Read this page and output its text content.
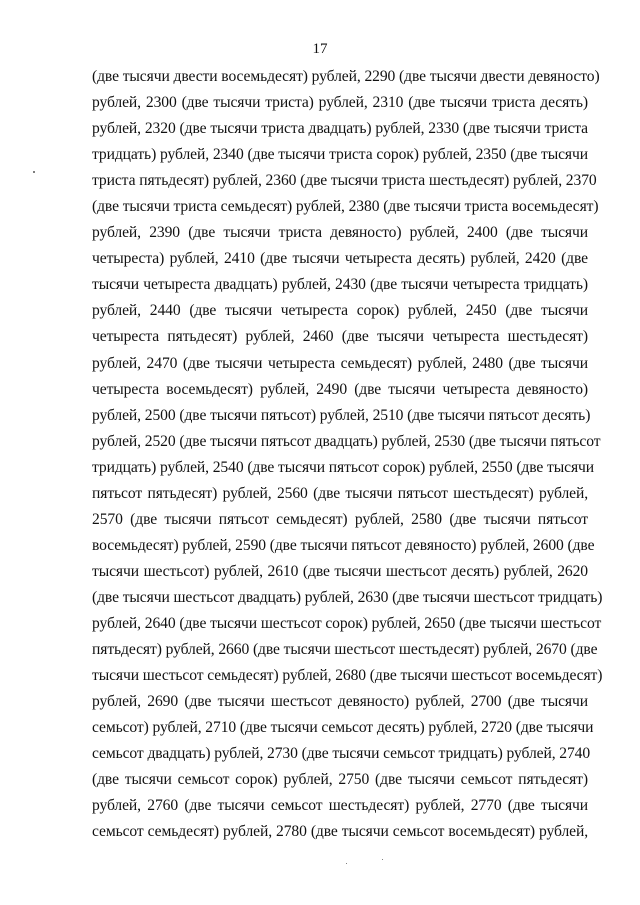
17
(две тысячи двести восемьдесят) рублей, 2290 (две тысячи двести девяносто)
рублей, 2300 (две тысячи триста) рублей, 2310 (две тысячи триста десять)
рублей, 2320 (две тысячи триста двадцать) рублей, 2330 (две тысячи триста
тридцать) рублей, 2340 (две тысячи триста сорок) рублей, 2350 (две тысячи
триста пятьдесят) рублей, 2360 (две тысячи триста шестьдесят) рублей, 2370
(две тысячи триста семьдесят) рублей, 2380 (две тысячи триста восемьдесят)
рублей, 2390 (две тысячи триста девяносто) рублей, 2400 (две тысячи
четыреста) рублей, 2410 (две тысячи четыреста десять) рублей, 2420 (две
тысячи четыреста двадцать) рублей, 2430 (две тысячи четыреста тридцать)
рублей, 2440 (две тысячи четыреста сорок) рублей, 2450 (две тысячи
четыреста пятьдесят) рублей, 2460 (две тысячи четыреста шестьдесят)
рублей, 2470 (две тысячи четыреста семьдесят) рублей, 2480 (две тысячи
четыреста восемьдесят) рублей, 2490 (две тысячи четыреста девяносто)
рублей, 2500 (две тысячи пятьсот) рублей, 2510 (две тысячи пятьсот десять)
рублей, 2520 (две тысячи пятьсот двадцать) рублей, 2530 (две тысячи пятьсот
тридцать) рублей, 2540 (две тысячи пятьсот сорок) рублей, 2550 (две тысячи
пятьсот пятьдесят) рублей, 2560 (две тысячи пятьсот шестьдесят) рублей,
2570 (две тысячи пятьсот семьдесят) рублей, 2580 (две тысячи пятьсот
восемьдесят) рублей, 2590 (две тысячи пятьсот девяносто) рублей, 2600 (две
тысячи шестьсот) рублей, 2610 (две тысячи шестьсот десять) рублей, 2620
(две тысячи шестьсот двадцать) рублей, 2630 (две тысячи шестьсот тридцать)
рублей, 2640 (две тысячи шестьсот сорок) рублей, 2650 (две тысячи шестьсот
пятьдесят) рублей, 2660 (две тысячи шестьсот шестьдесят) рублей, 2670 (две
тысячи шестьсот семьдесят) рублей, 2680 (две тысячи шестьсот восемьдесят)
рублей, 2690 (две тысячи шестьсот девяносто) рублей, 2700 (две тысячи
семьсот) рублей, 2710 (две тысячи семьсот десять) рублей, 2720 (две тысячи
семьсот двадцать) рублей, 2730 (две тысячи семьсот тридцать) рублей, 2740
(две тысячи семьсот сорок) рублей, 2750 (две тысячи семьсот пятьдесят)
рублей, 2760 (две тысячи семьсот шестьдесят) рублей, 2770 (две тысячи
семьсот семьдесят) рублей, 2780 (две тысячи семьсот восемьдесят) рублей,
